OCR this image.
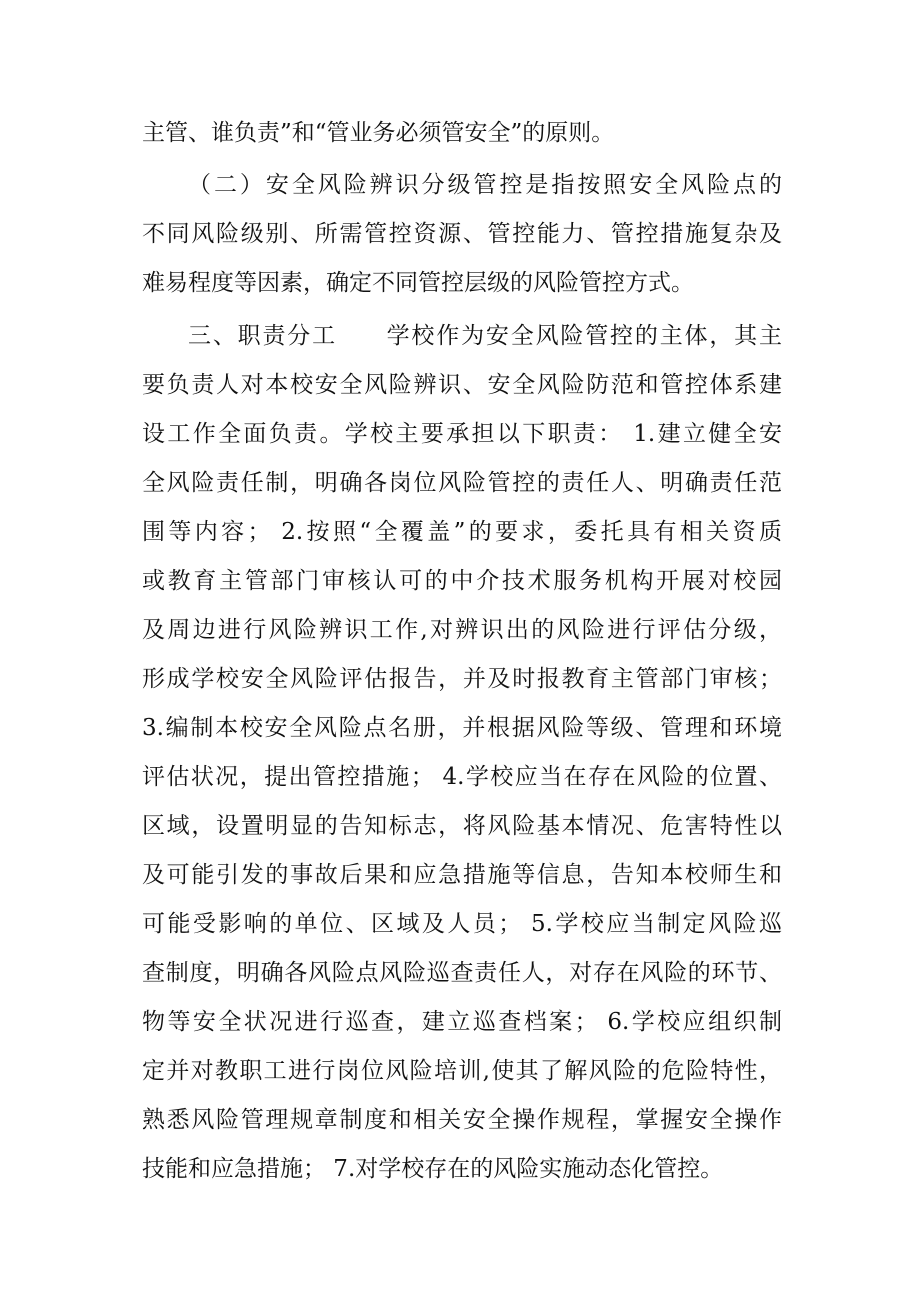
主管、谁负责”和“管业务必须管安全”的原则。
（二）安全风险辨识分级管控是指按照安全风险点的
不同风险级别、所需管控资源、管控能力、管控措施复杂及
难易程度等因素，确定不同管控层级的风险管控方式。
三、职责分工　　学校作为安全风险管控的主体，其主
要负责人对本校安全风险辨识、安全风险防范和管控体系建
设工作全面负责。学校主要承担以下职责： 1.建立健全安
全风险责任制，明确各岗位风险管控的责任人、明确责任范
围等内容； 2.按照“全覆盖”的要求，委托具有相关资质
或教育主管部门审核认可的中介技术服务机构开展对校园
及周边进行风险辨识工作,对辨识出的风险进行评估分级，
形成学校安全风险评估报告，并及时报教育主管部门审核；
3.编制本校安全风险点名册，并根据风险等级、管理和环境
评估状况，提出管控措施； 4.学校应当在存在风险的位置、
区域，设置明显的告知标志，将风险基本情况、危害特性以
及可能引发的事故后果和应急措施等信息，告知本校师生和
可能受影响的单位、区域及人员； 5.学校应当制定风险巡
查制度，明确各风险点风险巡查责任人，对存在风险的环节、
物等安全状况进行巡查，建立巡查档案； 6.学校应组织制
定并对教职工进行岗位风险培训,使其了解风险的危险特性，
熟悉风险管理规章制度和相关安全操作规程，掌握安全操作
技能和应急措施； 7.对学校存在的风险实施动态化管控。
